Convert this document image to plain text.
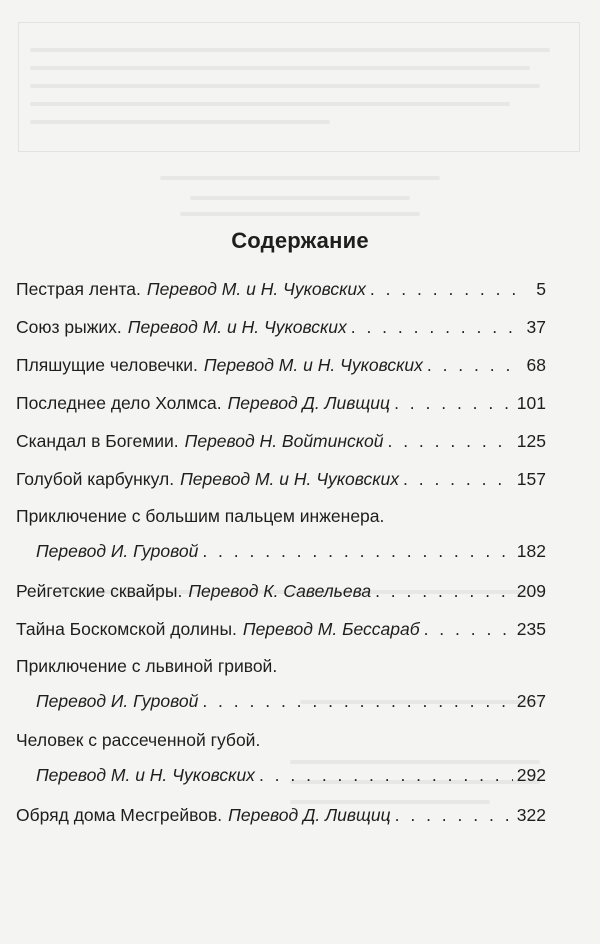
Содержание
Пестрая лента. Перевод М. и Н. Чуковских . . .	5
Союз рыжих. Перевод М. и Н. Чуковских . . .	37
Пляшущие человечки. Перевод М. и Н. Чуковских . . .	68
Последнее дело Холмса. Перевод Д. Ливщиц . . .	101
Скандал в Богемии. Перевод Н. Войтинской . . .	125
Голубой карбункул. Перевод М. и Н. Чуковских . . .	157
Приключение с большим пальцем инженера.
Перевод И. Гуровой . . .	182
Рейгетские сквайры. Перевод К. Савельева . . .	209
Тайна Боскомской долины. Перевод М. Бессараб . . .	235
Приключение с львиной гривой.
Перевод И. Гуровой . . .	267
Человек с рассеченной губой.
Перевод М. и Н. Чуковских . . .	292
Обряд дома Месгрейвов. Перевод Д. Ливщиц . . .	322
